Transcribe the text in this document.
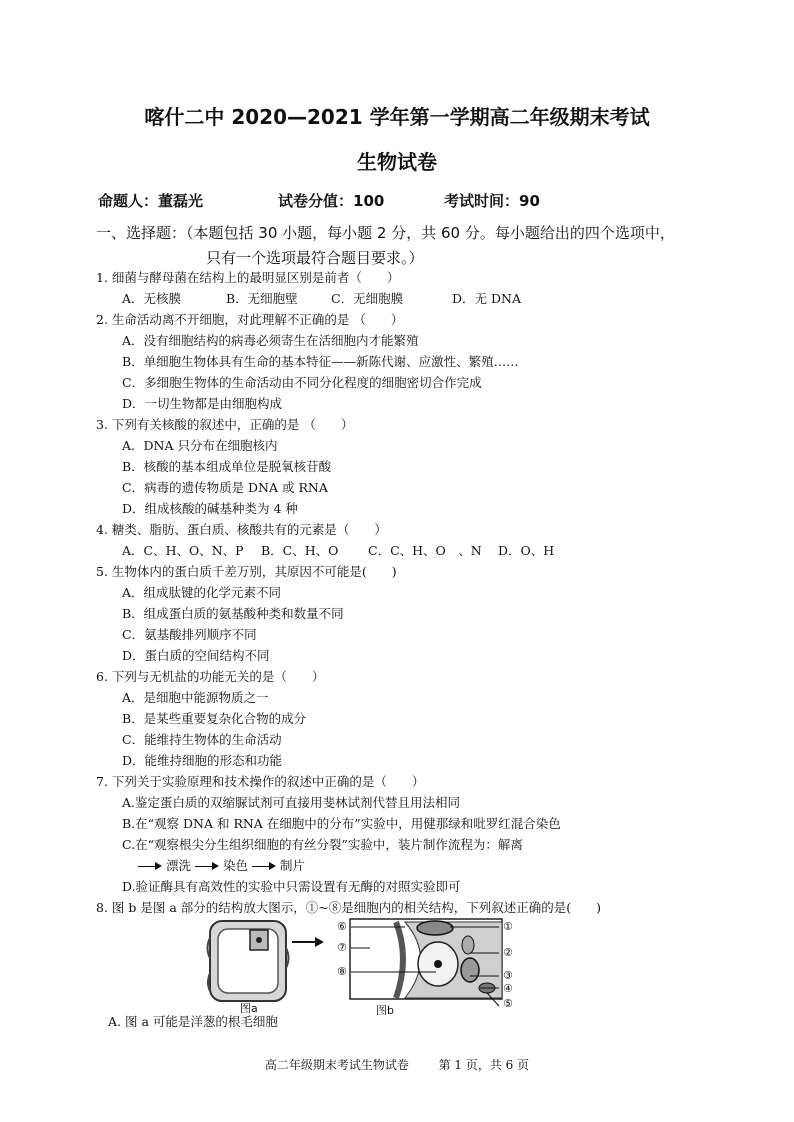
喀什二中 2020—2021 学年第一学期高二年级期末考试
生物试卷
命题人：董磊光	试卷分值：100	考试时间：90
一、选择题：（本题包括 30 小题，每小题 2 分，共 60 分。每小题给出的四个选项中，
只有一个选项最符合题目要求。）
1. 细菌与酵母菌在结构上的最明显区别是前者（　　）
A．无核膜	B．无细胞壁	C．无细胞膜	D．无 DNA
2. 生命活动离不开细胞，对此理解不正确的是 （　　）
A．没有细胞结构的病毒必须寄生在活细胞内才能繁殖
B．单细胞生物体具有生命的基本特征——新陈代谢、应激性、繁殖……
C．多细胞生物体的生命活动由不同分化程度的细胞密切合作完成
D．一切生物都是由细胞构成
3. 下列有关核酸的叙述中，正确的是 （　　）
A．DNA 只分布在细胞核内
B．核酸的基本组成单位是脱氧核苷酸
C．病毒的遗传物质是 DNA 或 RNA
D．组成核酸的碱基种类为 4 种
4. 糖类、脂肪、蛋白质、核酸共有的元素是（　　）
A．C、H、O、N、P B．C、H、O C．C、H、O　、N D．O、H
5. 生物体内的蛋白质千差万别，其原因不可能是(　　)
A．组成肽键的化学元素不同
B．组成蛋白质的氨基酸种类和数量不同
C．氨基酸排列顺序不同
D．蛋白质的空间结构不同
6. 下列与无机盐的功能无关的是（　　）
A．是细胞中能源物质之一
B．是某些重要复杂化合物的成分
C．能维持生物体的生命活动
D．能维持细胞的形态和功能
7. 下列关于实验原理和技术操作的叙述中正确的是（　　）
A.鉴定蛋白质的双缩脲试剂可直接用斐林试剂代替且用法相同
B.在“观察 DNA 和 RNA 在细胞中的分布”实验中，用健那绿和吡罗红混合染色
C.在“观察根尖分生组织细胞的有丝分裂”实验中，装片制作流程为：解离
漂洗	染色	制片
D.验证酶具有高效性的实验中只需设置有无酶的对照实验即可
8. 图 b 是图 a 部分的结构放大图示，①~⑧是细胞内的相关结构，下列叙述正确的是(　　)
图a	图b
⑥
⑦
⑧
①
②
③
④
⑤
A. 图 a 可能是洋葱的根毛细胞
高二年级期末考试生物试卷 第 1 页，共 6 页
